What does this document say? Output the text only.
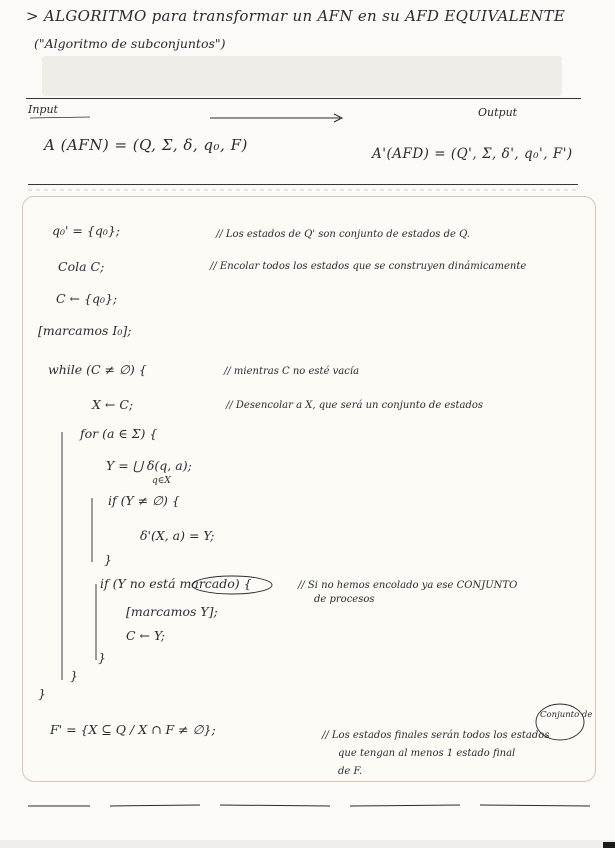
> ALGORITMO para transformar un AFN en su AFD EQUIVALENTE
("Algoritmo de subconjuntos")
Input	Output
A (AFN) = (Q, Σ, δ, q₀, F)	A'(AFD) = (Q', Σ, δ', q₀', F')
q₀' = {q₀};	// Los estados de Q' son conjunto de estados de Q.
Cola C;	// Encolar todos los estados que se construyen dinámicamente
C ← {q₀};
[marcamos I₀];
while (C ≠ ∅) {	// mientras C no esté vacía
X ← C;	// Desencolar a X, que será un conjunto de estados
for (a ∈ Σ) {
Y = ⋃ δ(q, a);
q∈X
if (Y ≠ ∅) {
δ'(X, a) = Y;
}
if (Y no está marcado) {	// Si no hemos encolado ya ese CONJUNTO
de procesos
[marcamos Y];
C ← Y;
}
}
}
F' = {X ⊆ Q / X ∩ F ≠ ∅};	// Los estados finales serán todos los estados
que tengan al menos 1 estado final
de F.
Conjunto de
